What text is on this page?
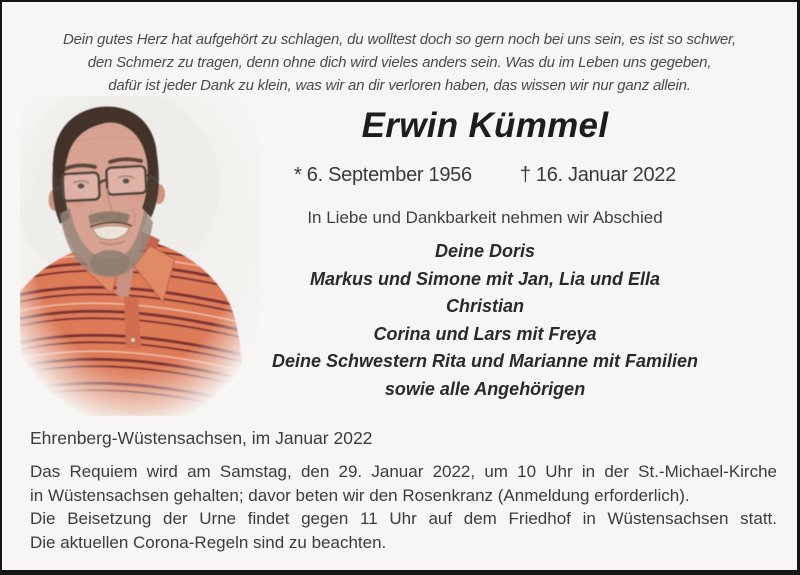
Dein gutes Herz hat aufgehört zu schlagen, du wolltest doch so gern noch bei uns sein, es ist so schwer,
den Schmerz zu tragen, denn ohne dich wird vieles anders sein. Was du im Leben uns gegeben,
dafür ist jeder Dank zu klein, was wir an dir verloren haben, das wissen wir nur ganz allein.
Erwin Kümmel
* 6. September 1956 † 16. Januar 2022
In Liebe und Dankbarkeit nehmen wir Abschied
Deine Doris
Markus und Simone mit Jan, Lia und Ella
Christian
Corina und Lars mit Freya
Deine Schwestern Rita und Marianne mit Familien
sowie alle Angehörigen
Ehrenberg-Wüstensachsen, im Januar 2022
Das Requiem wird am Samstag, den 29. Januar 2022, um 10 Uhr in der St.-Michael-Kirche
in Wüstensachsen gehalten; davor beten wir den Rosenkranz (Anmeldung erforderlich).
Die Beisetzung der Urne findet gegen 11 Uhr auf dem Friedhof in Wüstensachsen statt.
Die aktuellen Corona-Regeln sind zu beachten.
